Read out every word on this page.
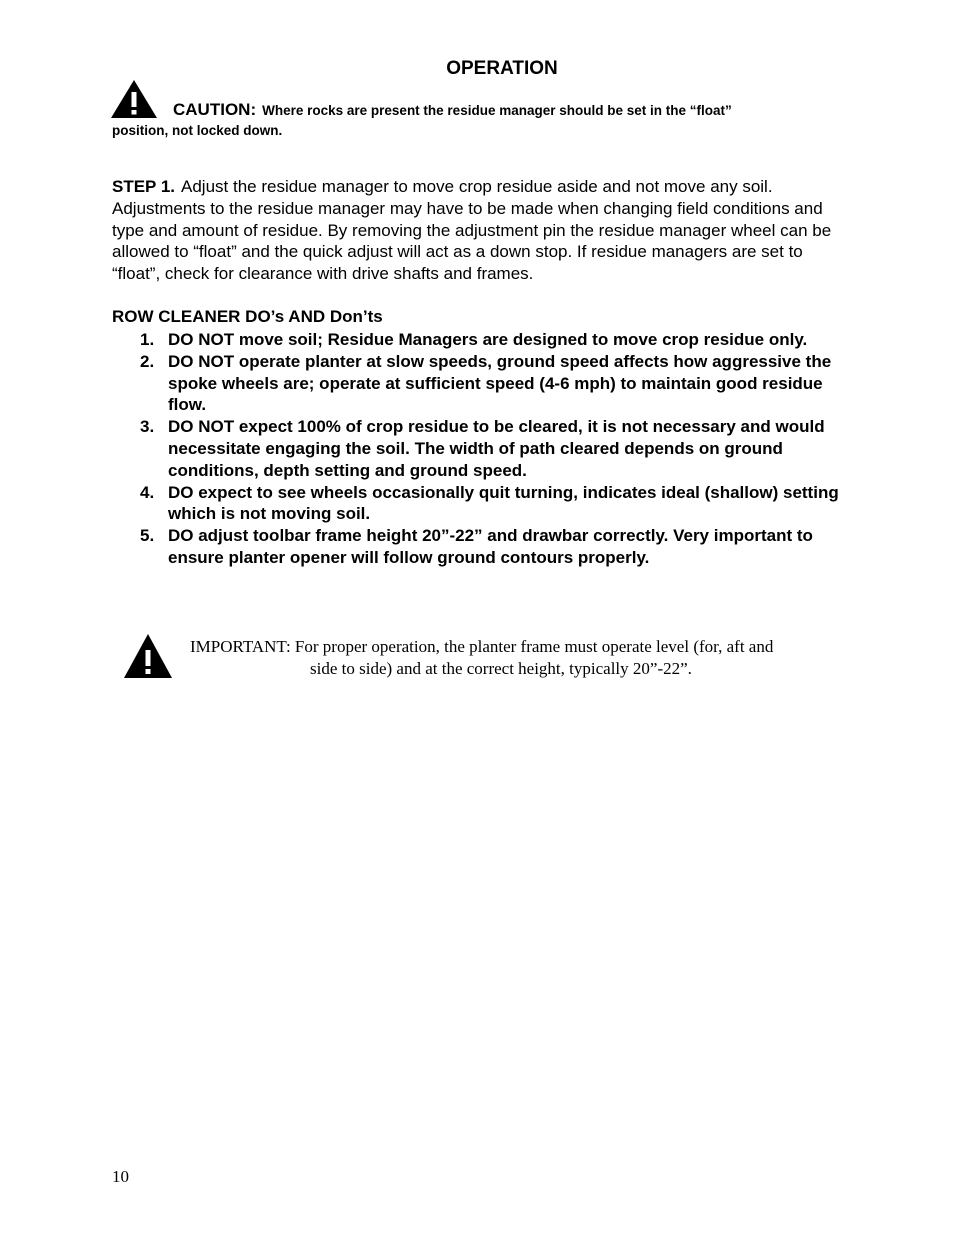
OPERATION
CAUTION: Where rocks are present the residue manager should be set in the “float”
position, not locked down.
STEP 1. Adjust the residue manager to move crop residue aside and not move any soil. Adjustments to the residue manager may have to be made when changing field conditions and type and amount of residue. By removing the adjustment pin the residue manager wheel can be allowed to “float” and the quick adjust will act as a down stop. If residue managers are set to “float”, check for clearance with drive shafts and frames.
ROW CLEANER DO’s AND Don’ts
1. DO NOT move soil; Residue Managers are designed to move crop residue only.
2. DO NOT operate planter at slow speeds, ground speed affects how aggressive the spoke wheels are; operate at sufficient speed (4-6 mph) to maintain good residue flow.
3. DO NOT expect 100% of crop residue to be cleared, it is not necessary and would necessitate engaging the soil. The width of path cleared depends on ground conditions, depth setting and ground speed.
4. DO expect to see wheels occasionally quit turning, indicates ideal (shallow) setting which is not moving soil.
5. DO adjust toolbar frame height 20”-22” and drawbar correctly. Very important to ensure planter opener will follow ground contours properly.
IMPORTANT: For proper operation, the planter frame must operate level (for, aft and
side to side) and at the correct height, typically 20”-22”.
10
